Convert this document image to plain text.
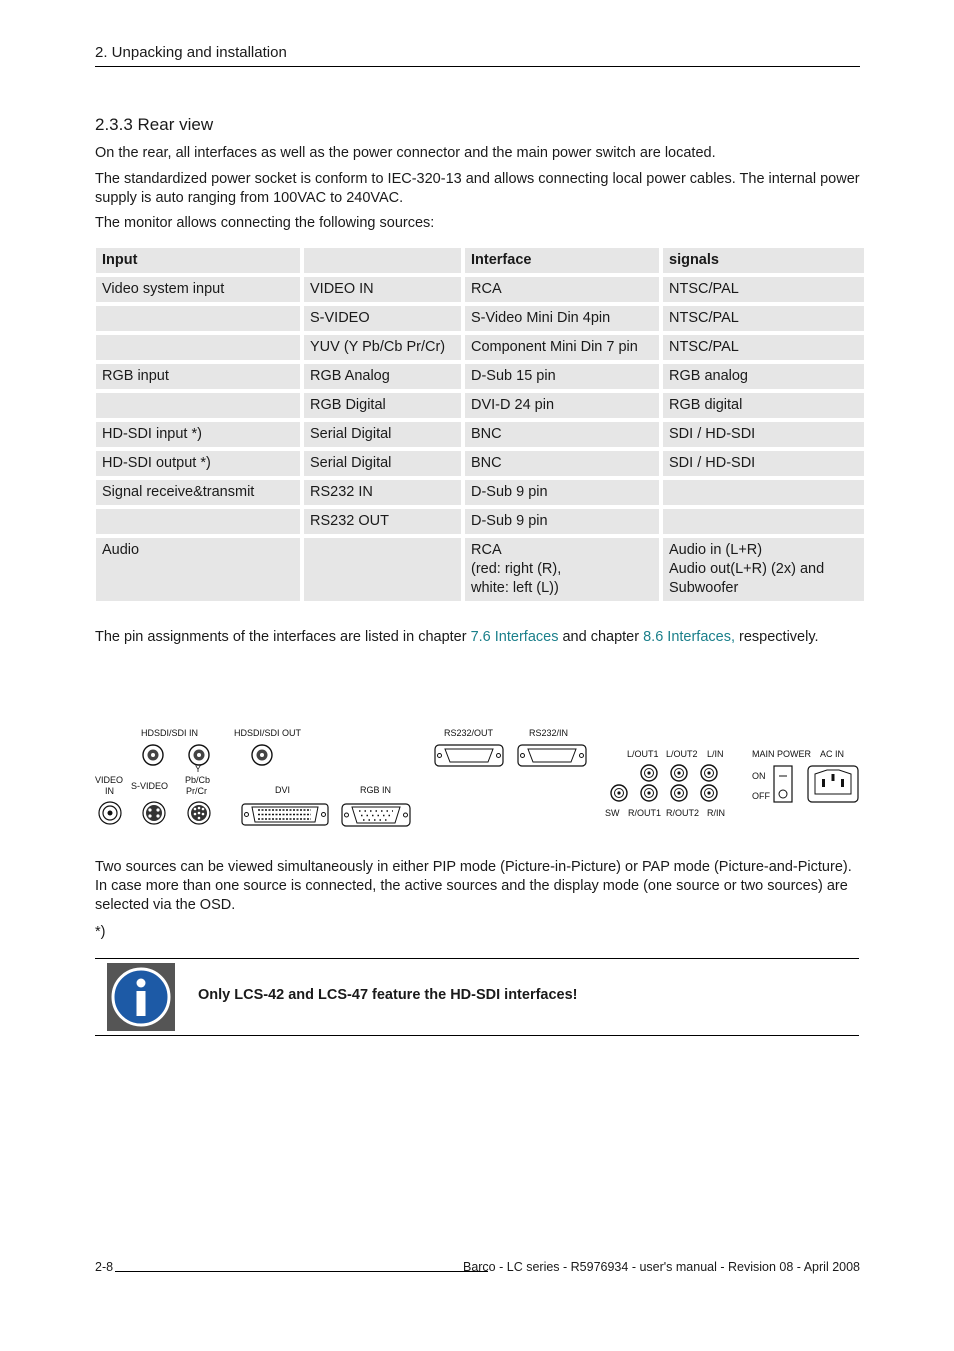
2. Unpacking and installation
2.3.3 Rear view
On the rear, all interfaces as well as the power connector and the main power switch are located.
The standardized power socket is conform to IEC-320-13 and allows connecting local power cables. The internal power supply is auto ranging from 100VAC to 240VAC.
The monitor allows connecting the following sources:
Input		Interface	signals
Video system input	VIDEO IN	RCA	NTSC/PAL
	S-VIDEO	S-Video Mini Din 4pin	NTSC/PAL
	YUV (Y Pb/Cb Pr/Cr)	Component Mini Din 7 pin	NTSC/PAL
RGB input	RGB Analog	D-Sub 15 pin	RGB analog
	RGB Digital	DVI-D 24 pin	RGB digital
HD-SDI input *)	Serial Digital	BNC	SDI / HD-SDI
HD-SDI output *)	Serial Digital	BNC	SDI / HD-SDI
Signal receive&transmit	RS232 IN	D-Sub 9 pin	
	RS232 OUT	D-Sub 9 pin	
Audio		RCA
(red: right (R),
white: left (L))	Audio in (L+R)
Audio out(L+R) (2x) and
Subwoofer
The pin assignments of the interfaces are listed in chapter 7.6 Interfaces and chapter 8.6 Interfaces, respectively.
HDSDI/SDI IN	HDSDI/SDI OUT	RS232/OUT	RS232/IN
L/OUT1 L/OUT2 L/IN	MAIN POWER AC IN
VIDEO
IN S-VIDEO
Y
Pb/Cb
Pr/Cr	DVI	RGB IN
SW R/OUT1 R/OUT2 R/IN
ON
OFF
Two sources can be viewed simultaneously in either PIP mode (Picture-in-Picture) or PAP mode (Picture-and-Picture). In case more than one source is connected, the active sources and the display mode (one source or two sources) are selected via the OSD.
*)
Only LCS-42 and LCS-47 feature the HD-SDI interfaces!
2-8	Barco - LC series - R5976934 - user's manual - Revision 08 - April 2008
